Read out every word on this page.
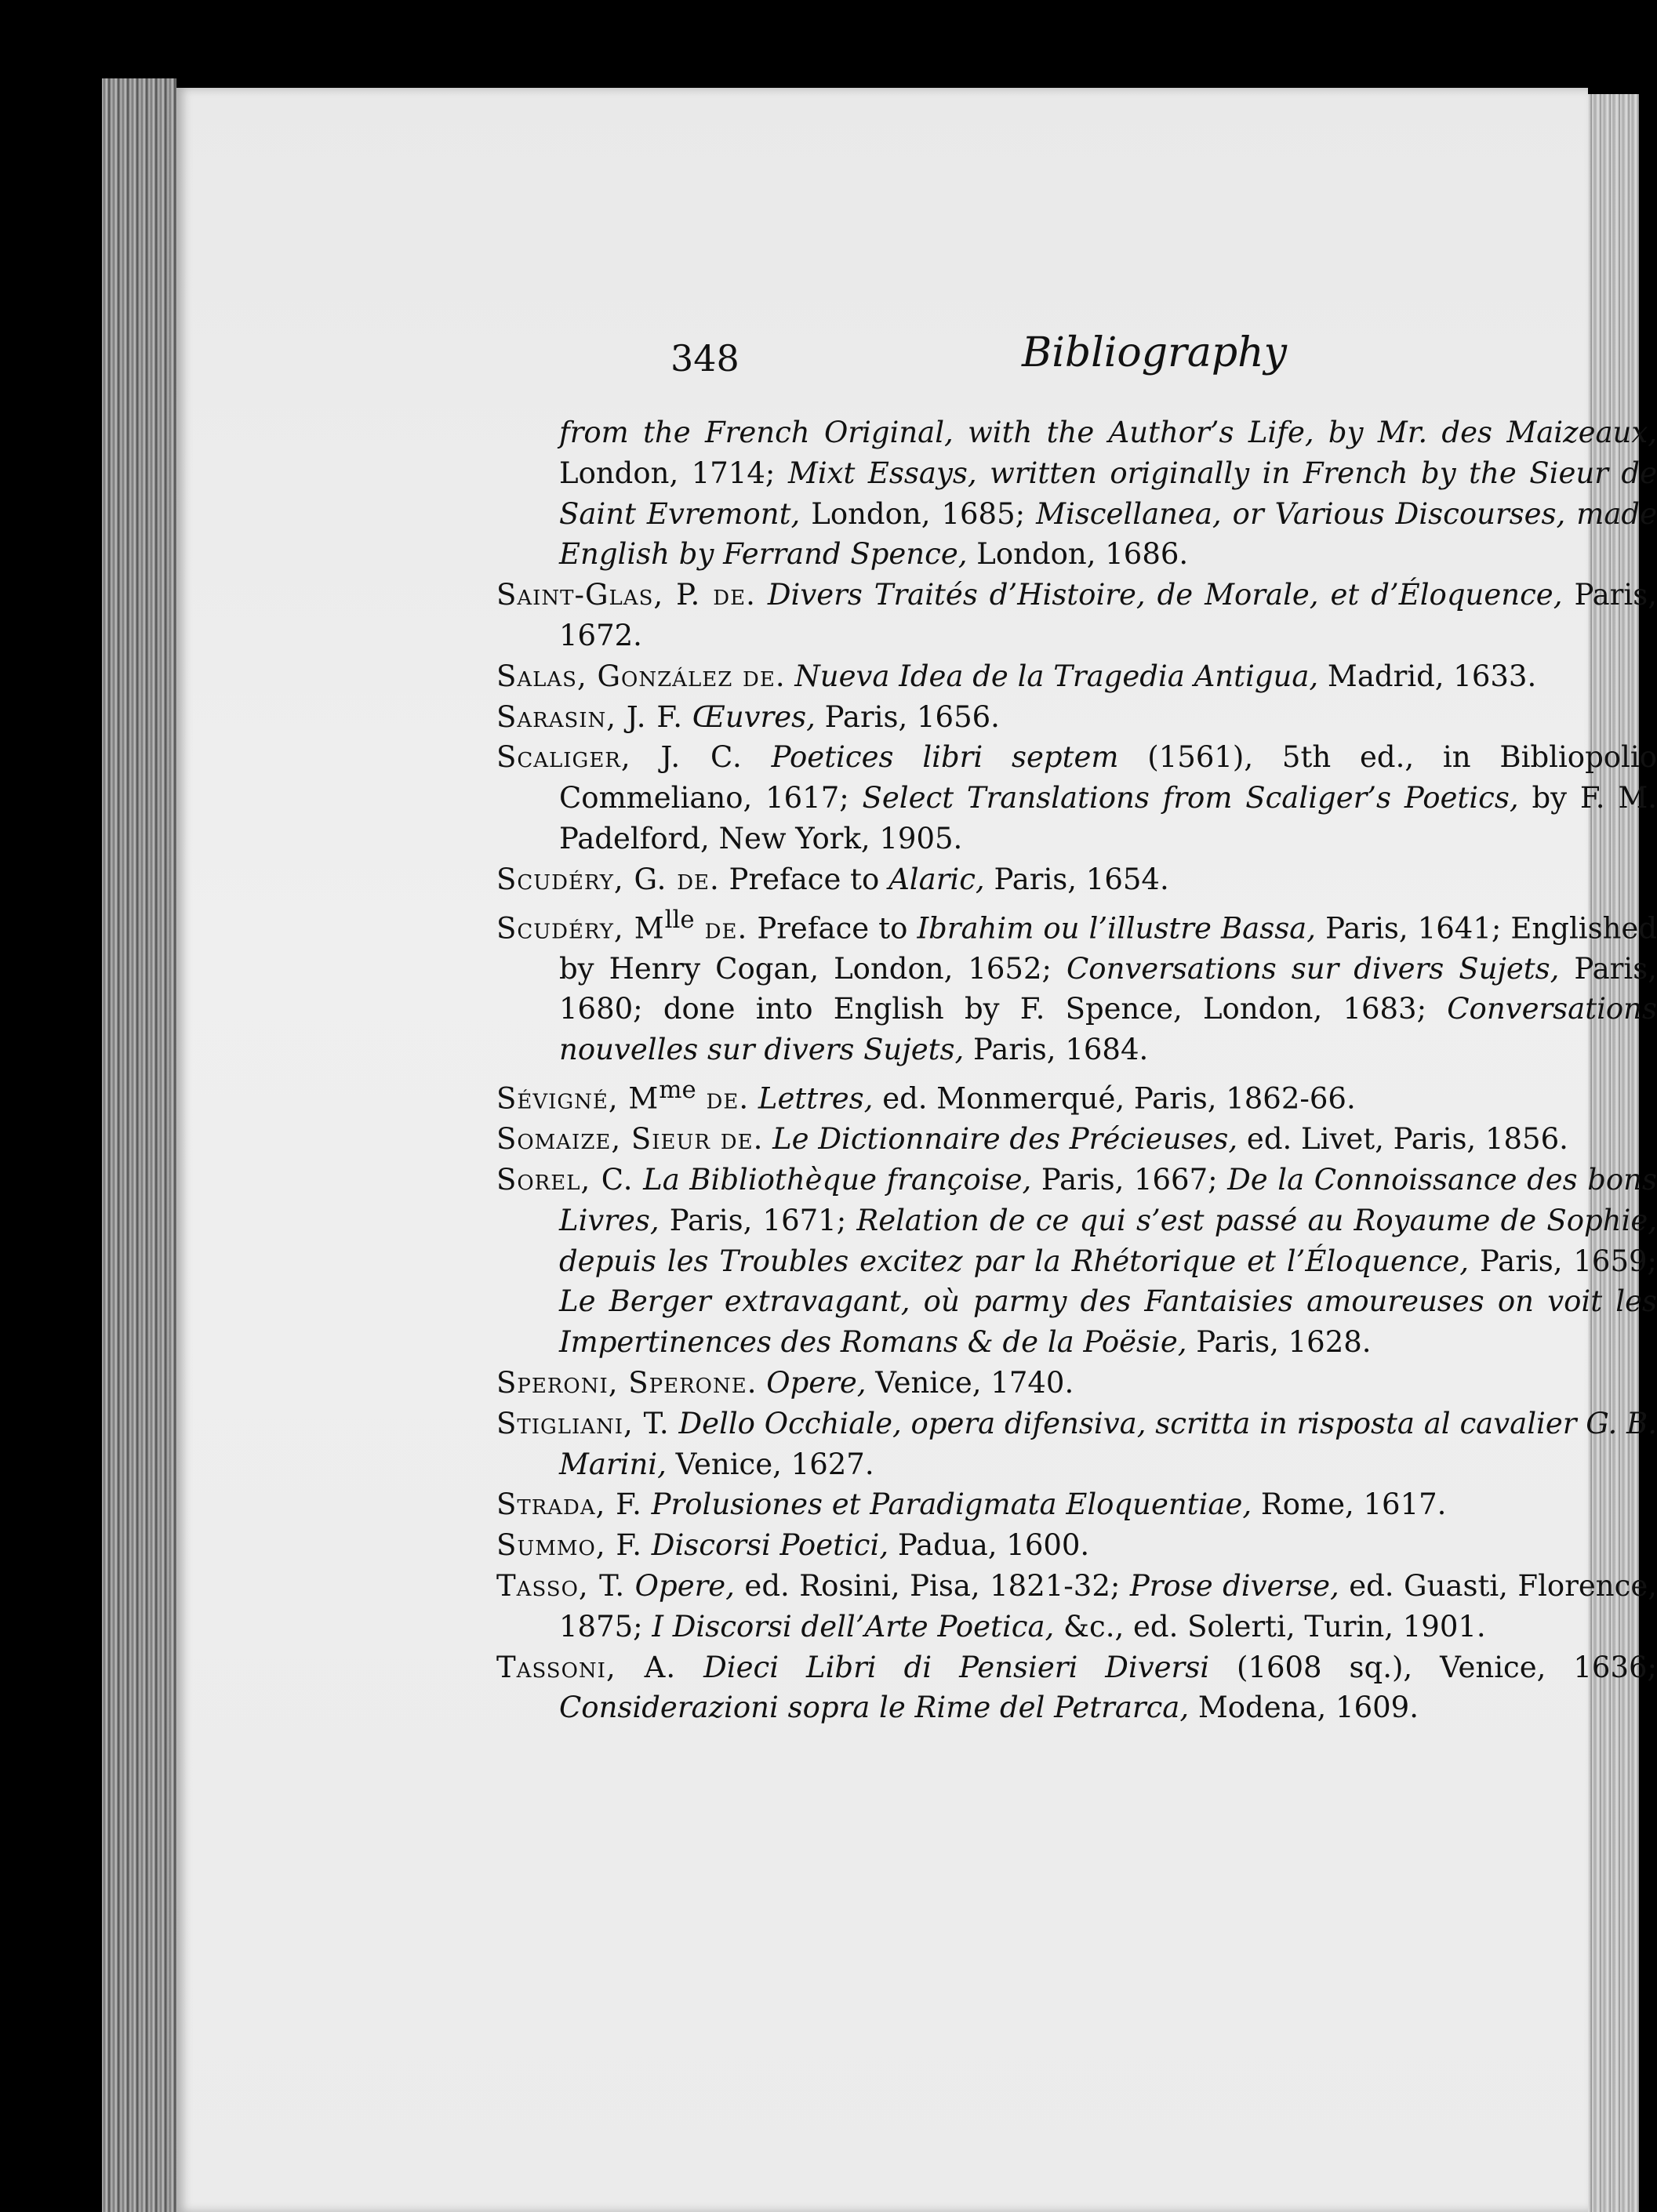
348	Bibliography

from the French Original, with the Author’s Life, by Mr. des Maizeaux, London, 1714; Mixt Essays, written originally in French by the Sieur de Saint Evremont, London, 1685; Miscellanea, or Various Discourses, made English by Ferrand Spence, London, 1686.

Saint-Glas, P. de. Divers Traités d’Histoire, de Morale, et d’Éloquence, Paris, 1672.

Salas, González de. Nueva Idea de la Tragedia Antigua, Madrid, 1633.

Sarasin, J. F. Œuvres, Paris, 1656.

Scaliger, J. C. Poetices libri septem (1561), 5th ed., in Bibliopolio Commeliano, 1617; Select Translations from Scaliger’s Poetics, by F. M. Padelford, New York, 1905.

Scudéry, G. de. Preface to Alaric, Paris, 1654.

Scudéry, $M^{lle}$ de. Preface to Ibrahim ou l’illustre Bassa, Paris, 1641; Englished by Henry Cogan, London, 1652; Conversations sur divers Sujets, Paris, 1680; done into English by F. Spence, London, 1683; Conversations nouvelles sur divers Sujets, Paris, 1684.

Sévigné, $M^{me}$ de. Lettres, ed. Monmerqué, Paris, 1862-66.

Somaize, Sieur de. Le Dictionnaire des Précieuses, ed. Livet, Paris, 1856.

Sorel, C. La Bibliothèque françoise, Paris, 1667; De la Connoissance des bons Livres, Paris, 1671; Relation de ce qui s’est passé au Royaume de Sophie, depuis les Troubles excitez par la Rhétorique et l’Éloquence, Paris, 1659; Le Berger extravagant, où parmy des Fantaisies amoureuses on voit les Impertinences des Romans & de la Poësie, Paris, 1628.

Speroni, Sperone. Opere, Venice, 1740.

Stigliani, T. Dello Occhiale, opera difensiva, scritta in risposta al cavalier G. B. Marini, Venice, 1627.

Strada, F. Prolusiones et Paradigmata Eloquentiae, Rome, 1617.

Summo, F. Discorsi Poetici, Padua, 1600.

Tasso, T. Opere, ed. Rosini, Pisa, 1821-32; Prose diverse, ed. Guasti, Florence, 1875; I Discorsi dell’Arte Poetica, &c., ed. Solerti, Turin, 1901.

Tassoni, A. Dieci Libri di Pensieri Diversi (1608 sq.), Venice, 1636; Considerazioni sopra le Rime del Petrarca, Modena, 1609.
